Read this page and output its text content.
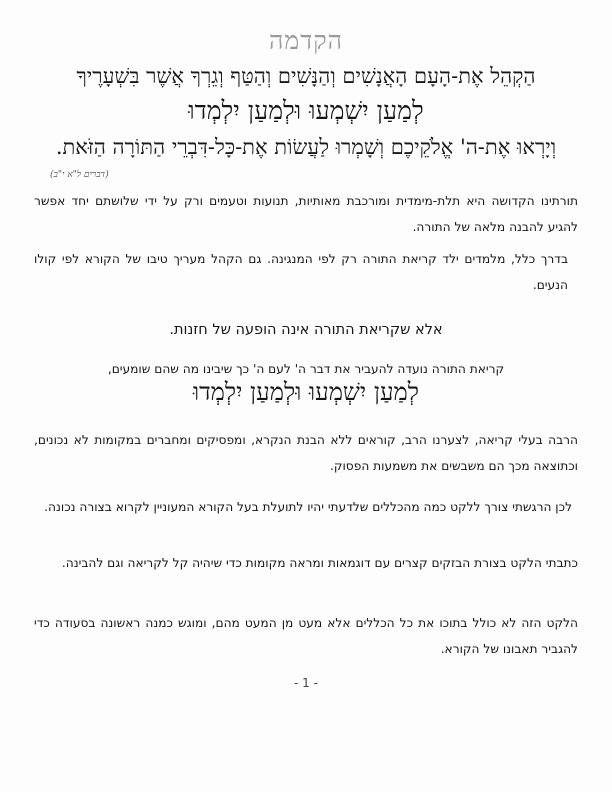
הקדמה
הַקְהֵל אֶת-הָעָם הָאֲנָשִׁים וְהַנָּשִׁים וְהַטַּף וְגֵרְךָ אֲשֶׁר בִּשְׁעָרֶיךָ
לְמַעַן יִשְׁמְעוּ וּלְמַעַן יִלְמְדוּ
וְיָרְאוּ אֶת-ה' אֱלֹקֵיכֶם וְשָׁמְרוּ לַעֲשׂוֹת אֶת-כָּל-דִּבְרֵי הַתּוֹרָה הַזֹּאת.
(דברים ל"א י"ב)
תורתינו הקדושה היא תלת-מימדית ומורכבת מאותיות, תנועות וטעמים ורק על ידי שלושתם יחד אפשר להגיע להבנה מלאה של התורה.
בדרך כלל, מלמדים ילד קריאת התורה רק לפי המנגינה. גם הקהל מעריך טיבו של הקורא לפי קולו הנעים.
אלא שקריאת התורה אינה הופעה של חזנות.
קריאת התורה נועדה להעביר את דבר ה' לעם ה' כך שיבינו מה שהם שומעים,
לְמַעַן יִשְׁמְעוּ וּלְמַעַן יִלְמְדוּ
הרבה בעלי קריאה, לצערנו הרב, קוראים ללא הבנת הנקרא, ומפסיקים ומחברים במקומות לא נכונים, וכתוצאה מכך הם משבשים את משמעות הפסוק.
לכן הרגשתי צורך ללקט כמה מהכללים שלדעתי יהיו לתועלת בעל הקורא המעוניין לקרוא בצורה נכונה.
כתבתי הלקט בצורת הבזקים קצרים עם דוגמאות ומראה מקומות כדי שיהיה קל לקריאה וגם להבינה.
הלקט הזה לא כולל בתוכו את כל הכללים אלא מעט מן המעט מהם, ומוגש כמנה ראשונה בסעודה כדי להגביר תאבונו של הקורא.
- 1 -
